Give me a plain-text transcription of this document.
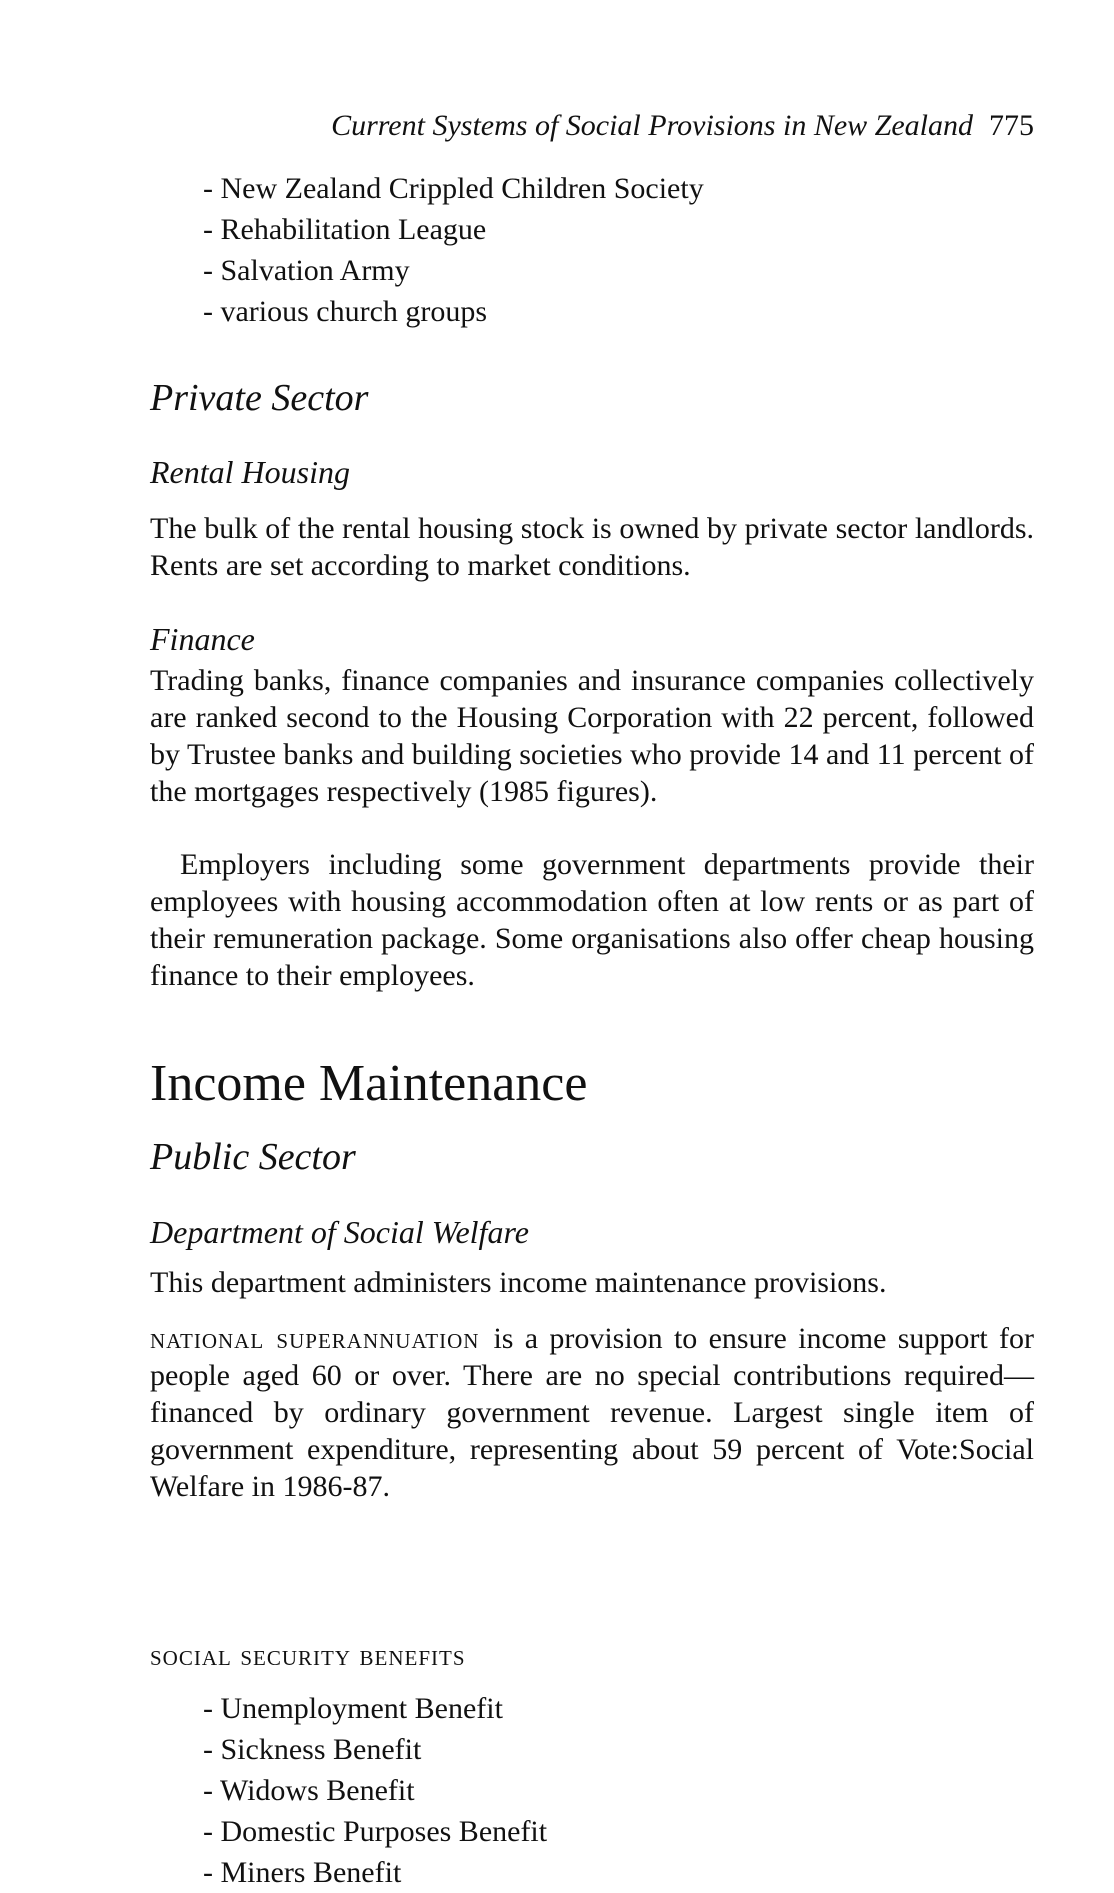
Current Systems of Social Provisions in New Zealand 775
- New Zealand Crippled Children Society
- Rehabilitation League
- Salvation Army
- various church groups
Private Sector
Rental Housing

The bulk of the rental housing stock is owned by private sector landlords. Rents are set according to market conditions.

Finance

Trading banks, finance companies and insurance companies collectively are ranked second to the Housing Corporation with 22 percent, followed by Trustee banks and building societies who provide 14 and 11 percent of the mortgages respectively (1985 figures).

Employers including some government departments provide their employees with housing accommodation often at low rents or as part of their remuneration package. Some organisations also offer cheap housing finance to their employees.

Income Maintenance
Public Sector
Department of Social Welfare

This department administers income maintenance provisions.

national superannuation is a provision to ensure income support for people aged 60 or over. There are no special contributions required—financed by ordinary government revenue. Largest single item of government expenditure, representing about 59 percent of Vote:Social Welfare in 1986-87.

social security benefits
- Unemployment Benefit
- Sickness Benefit
- Widows Benefit
- Domestic Purposes Benefit
- Miners Benefit
